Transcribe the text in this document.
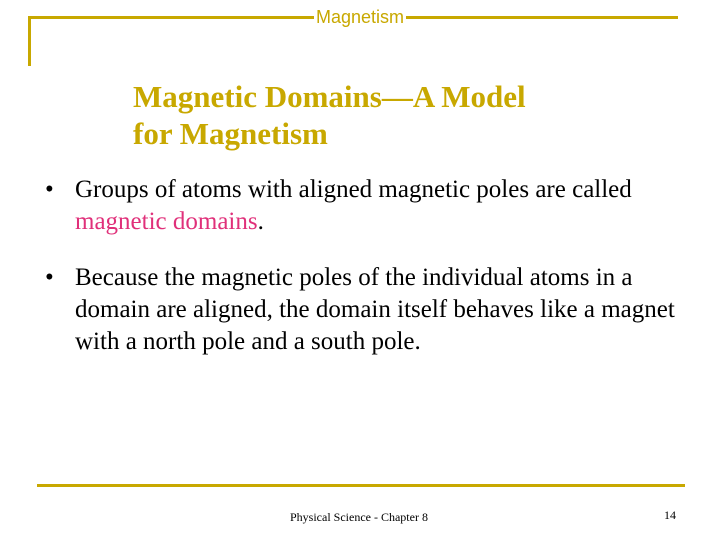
Magnetism
Magnetic Domains—A Model
for Magnetism
• Groups of atoms with aligned magnetic poles are called magnetic domains.
• Because the magnetic poles of the individual atoms in a domain are aligned, the domain itself behaves like a magnet with a north pole and a south pole.
Physical Science - Chapter 8	14
